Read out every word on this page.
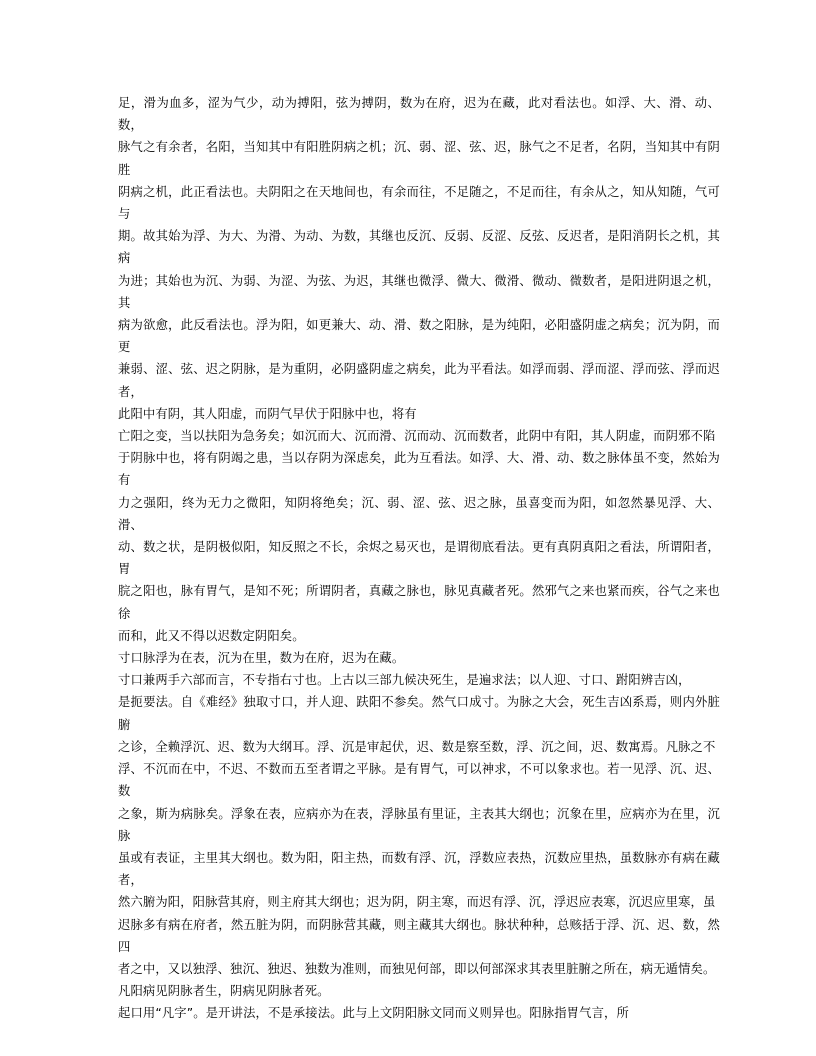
足，滑为血多，涩为气少，动为搏阳，弦为搏阴，数为在府，迟为在藏，此对看法也。如浮、大、滑、动、数，

脉气之有余者，名阳，当知其中有阳胜阴病之机；沉、弱、涩、弦、迟，脉气之不足者，名阴，当知其中有阴胜

阴病之机，此正看法也。夫阴阳之在天地间也，有余而往，不足随之，不足而往，有余从之，知从知随，气可与

期。故其始为浮、为大、为滑、为动、为数，其继也反沉、反弱、反涩、反弦、反迟者，是阳消阴长之机，其病

为进；其始也为沉、为弱、为涩、为弦、为迟，其继也微浮、微大、微滑、微动、微数者，是阳进阴退之机，其

病为欲愈，此反看法也。浮为阳，如更兼大、动、滑、数之阳脉，是为纯阳，必阳盛阴虚之病矣；沉为阴，而更

兼弱、涩、弦、迟之阴脉，是为重阴，必阴盛阴虚之病矣，此为平看法。如浮而弱、浮而涩、浮而弦、浮而迟者，

此阳中有阴，其人阳虚，而阴气早伏于阳脉中也，将有

亡阳之变，当以扶阳为急务矣；如沉而大、沉而滑、沉而动、沉而数者，此阴中有阳，其人阴虚，而阴邪不陷

于阴脉中也，将有阴竭之患，当以存阴为深虑矣，此为互看法。如浮、大、滑、动、数之脉体虽不变，然始为有

力之强阳，终为无力之微阳，知阴将绝矣；沉、弱、涩、弦、迟之脉，虽喜变而为阳，如忽然暴见浮、大、滑、

动、数之状，是阴极似阳，知反照之不长，余烬之易灭也，是谓彻底看法。更有真阴真阳之看法，所谓阳者，胃

脘之阳也，脉有胃气，是知不死；所谓阴者，真藏之脉也，脉见真藏者死。然邪气之来也紧而疾，谷气之来也徐

而和，此又不得以迟数定阴阳矣。

寸口脉浮为在表，沉为在里，数为在府，迟为在藏。

寸口兼两手六部而言，不专指右寸也。上古以三部九候决死生，是遍求法；以人迎、寸口、跗阳辨吉凶，

是扼要法。自《难经》独取寸口，并人迎、趺阳不参矣。然气口成寸。为脉之大会，死生吉凶系焉，则内外脏腑

之诊，全赖浮沉、迟、数为大纲耳。浮、沉是审起伏，迟、数是察至数，浮、沉之间，迟、数寓焉。凡脉之不

浮、不沉而在中，不迟、不数而五至者谓之平脉。是有胃气，可以神求，不可以象求也。若一见浮、沉、迟、数

之象，斯为病脉矣。浮象在表，应病亦为在表，浮脉虽有里证，主表其大纲也；沉象在里，应病亦为在里，沉脉

虽或有表证，主里其大纲也。数为阳，阳主热，而数有浮、沉，浮数应表热，沉数应里热，虽数脉亦有病在藏者，

然六腑为阳，阳脉营其府，则主府其大纲也；迟为阴，阴主寒，而迟有浮、沉，浮迟应表寒，沉迟应里寒，虽

迟脉多有病在府者，然五脏为阴，而阴脉营其藏，则主藏其大纲也。脉状种种，总赅括于浮、沉、迟、数，然四

者之中，又以独浮、独沉、独迟、独数为准则，而独见何部，即以何部深求其表里脏腑之所在，病无遁情矣。

凡阳病见阴脉者生，阴病见阴脉者死。

起口用“凡字”。是开讲法，不是承接法。此与上文阴阳脉文同而义则异也。阳脉指胃气言，所
